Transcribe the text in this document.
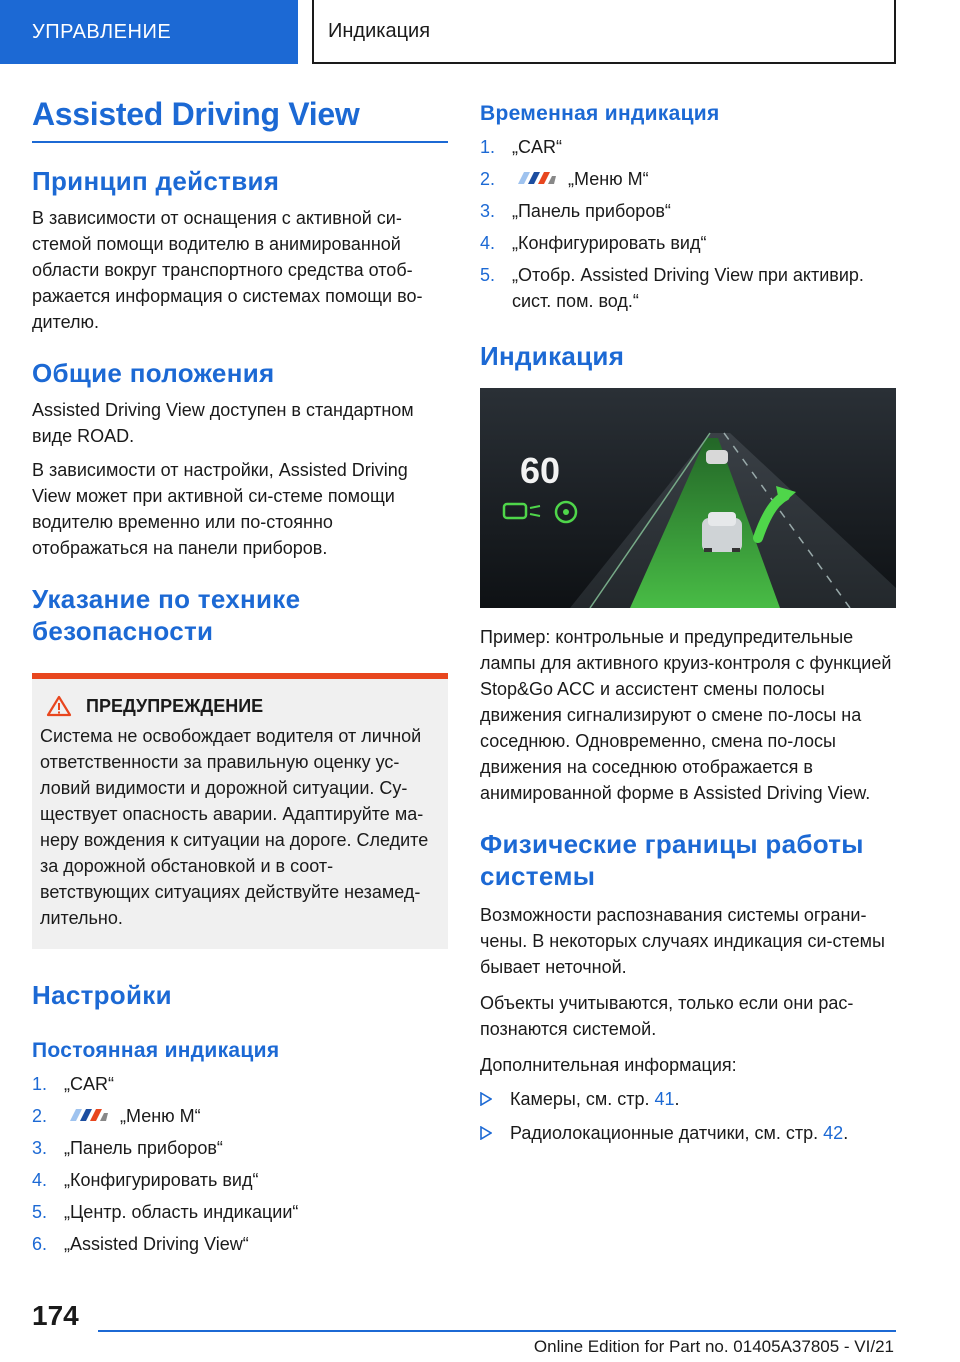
УПРАВЛЕНИЕ	Индикация
Assisted Driving View
Принцип действия

В зависимости от оснащения с активной си-стемой помощи водителю в анимированной области вокруг транспортного средства отоб-ражается информация о системах помощи во-дителю.

Общие положения

Assisted Driving View доступен в стандартном виде ROAD.

В зависимости от настройки, Assisted Driving View может при активной си-стеме помощи водителю временно или по-стоянно отображаться на панели приборов.

Указание по технике безопасности
ПРЕДУПРЕЖДЕНИЕ

Система не освобождает водителя от личной ответственности за правильную оценку ус-ловий видимости и дорожной ситуации. Су-ществует опасность аварии. Адаптируйте ма-неру вождения к ситуации на дороге. Следите за дорожной обстановкой и в соот-ветствующих ситуациях действуйте незамед-лительно.

Настройки
Постоянная индикация
1. „CAR“
2.	„Меню M“
3. „Панель приборов“
4. „Конфигурировать вид“
5. „Центр. область индикации“
6. „Assisted Driving View“
Временная индикация
1. „CAR“
2.	„Меню M“
3. „Панель приборов“
4. „Конфигурировать вид“
5. „Отобр. Assisted Driving View при активир. сист. пом. вод.“
Индикация
60

Пример: контрольные и предупредительные лампы для активного круиз-контроля с функцией Stop&Go ACC и ассистент смены полосы движения сигнализируют о смене по-лосы на соседнюю. Одновременно, смена по-лосы движения на соседнюю отображается в анимированной форме в Assisted Driving View.

Физические границы работы системы

Возможности распознавания системы ограни-чены. В некоторых случаях индикация си-стемы бывает неточной.

Объекты учитываются, только если они рас-познаются системой.

Дополнительная информация:

Камеры, см. стр. 41.
Радиолокационные датчики, см. стр. 42.
174
Online Edition for Part no. 01405A37805 - VI/21
